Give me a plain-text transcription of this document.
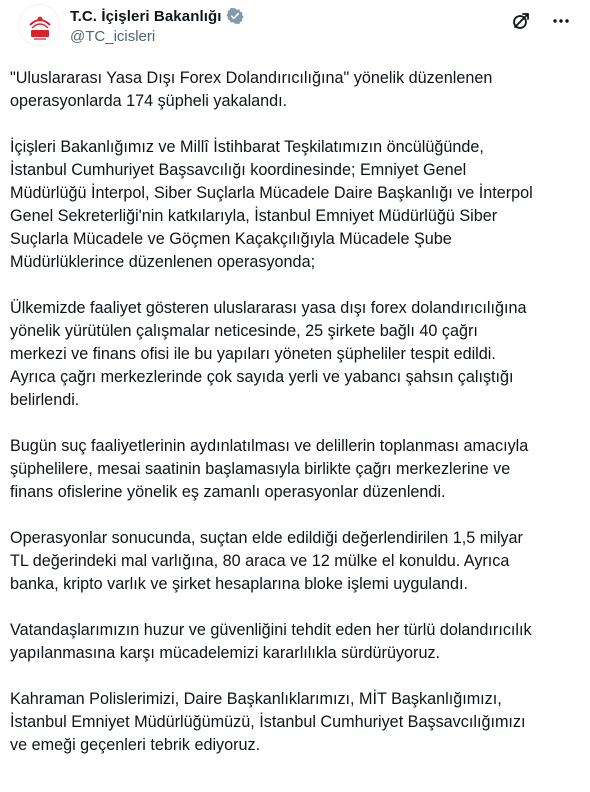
T.C. İçişleri Bakanlığı
@TC_icisleri
"Uluslararası Yasa Dışı Forex Dolandırıcılığına" yönelik düzenlenen
operasyonlarda 174 şüpheli yakalandı.
İçişleri Bakanlığımız ve Millî İstihbarat Teşkilatımızın öncülüğünde,
İstanbul Cumhuriyet Başsavcılığı koordinesinde; Emniyet Genel
Müdürlüğü İnterpol, Siber Suçlarla Mücadele Daire Başkanlığı ve İnterpol
Genel Sekreterliği'nin katkılarıyla, İstanbul Emniyet Müdürlüğü Siber
Suçlarla Mücadele ve Göçmen Kaçakçılığıyla Mücadele Şube
Müdürlüklerince düzenlenen operasyonda;
Ülkemizde faaliyet gösteren uluslararası yasa dışı forex dolandırıcılığına
yönelik yürütülen çalışmalar neticesinde, 25 şirkete bağlı 40 çağrı
merkezi ve finans ofisi ile bu yapıları yöneten şüpheliler tespit edildi.
Ayrıca çağrı merkezlerinde çok sayıda yerli ve yabancı şahsın çalıştığı
belirlendi.
Bugün suç faaliyetlerinin aydınlatılması ve delillerin toplanması amacıyla
şüphelilere, mesai saatinin başlamasıyla birlikte çağrı merkezlerine ve
finans ofislerine yönelik eş zamanlı operasyonlar düzenlendi.
Operasyonlar sonucunda, suçtan elde edildiği değerlendirilen 1,5 milyar
TL değerindeki mal varlığına, 80 araca ve 12 mülke el konuldu. Ayrıca
banka, kripto varlık ve şirket hesaplarına bloke işlemi uygulandı.
Vatandaşlarımızın huzur ve güvenliğini tehdit eden her türlü dolandırıcılık
yapılanmasına karşı mücadelemizi kararlılıkla sürdürüyoruz.
Kahraman Polislerimizi, Daire Başkanlıklarımızı, MİT Başkanlığımızı,
İstanbul Emniyet Müdürlüğümüzü, İstanbul Cumhuriyet Başsavcılığımızı
ve emeği geçenleri tebrik ediyoruz.
